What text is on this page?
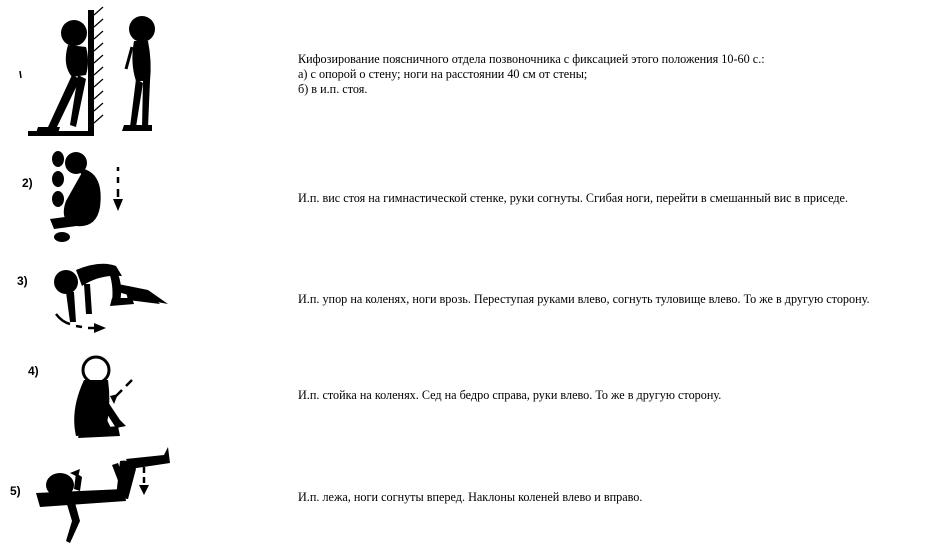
Кифозирование поясничного отдела позвоночника с фиксацией этого положения 10-60 с.:
а) с опорой о стену; ноги на расстоянии 40 см от стены;
б) в и.п. стоя.
2)
И.п. вис стоя на гимнастической стенке, руки согнуты. Сгибая ноги, перейти в смешанный вис в приседе.
3)
И.п. упор на коленях, ноги врозь. Переступая руками влево, согнуть туловище влево. То же в другую сторону.
4)
И.п. стойка на коленях. Сед на бедро справа, руки влево. То же в другую сторону.
5)	И.п. лежа, ноги согнуты вперед. Наклоны коленей влево и вправо.
